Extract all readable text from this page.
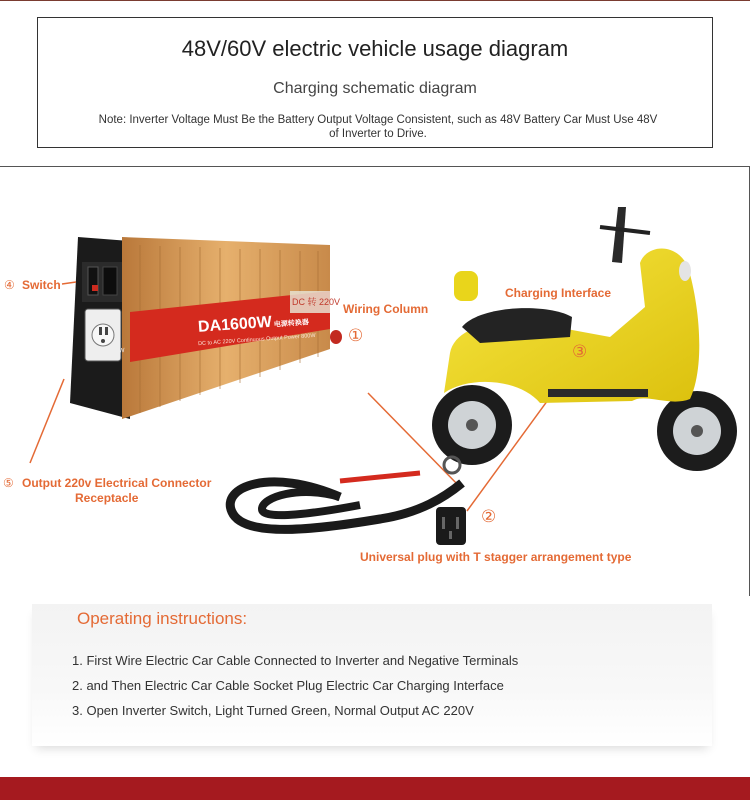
48V/60V electric vehicle usage diagram
Charging schematic diagram
Note: Inverter Voltage Must Be the Battery Output Voltage Consistent, such as 48V Battery Car Must Use 48V of Inverter to Drive.
DA1600W电源转换器
DC 转 220V
JG-1600W
DC to AC 220V Continuous Output Power 800W
④ Switch
Wiring Column
①
Charging Interface
③
⑤ Output 220v Electrical Connector
Receptacle
②
Universal plug with T stagger arrangement type
Operating instructions:
1. First Wire Electric Car Cable Connected to Inverter and Negative Terminals
2. and Then Electric Car Cable Socket Plug Electric Car Charging Interface
3. Open Inverter Switch, Light Turned Green, Normal Output AC 220V
